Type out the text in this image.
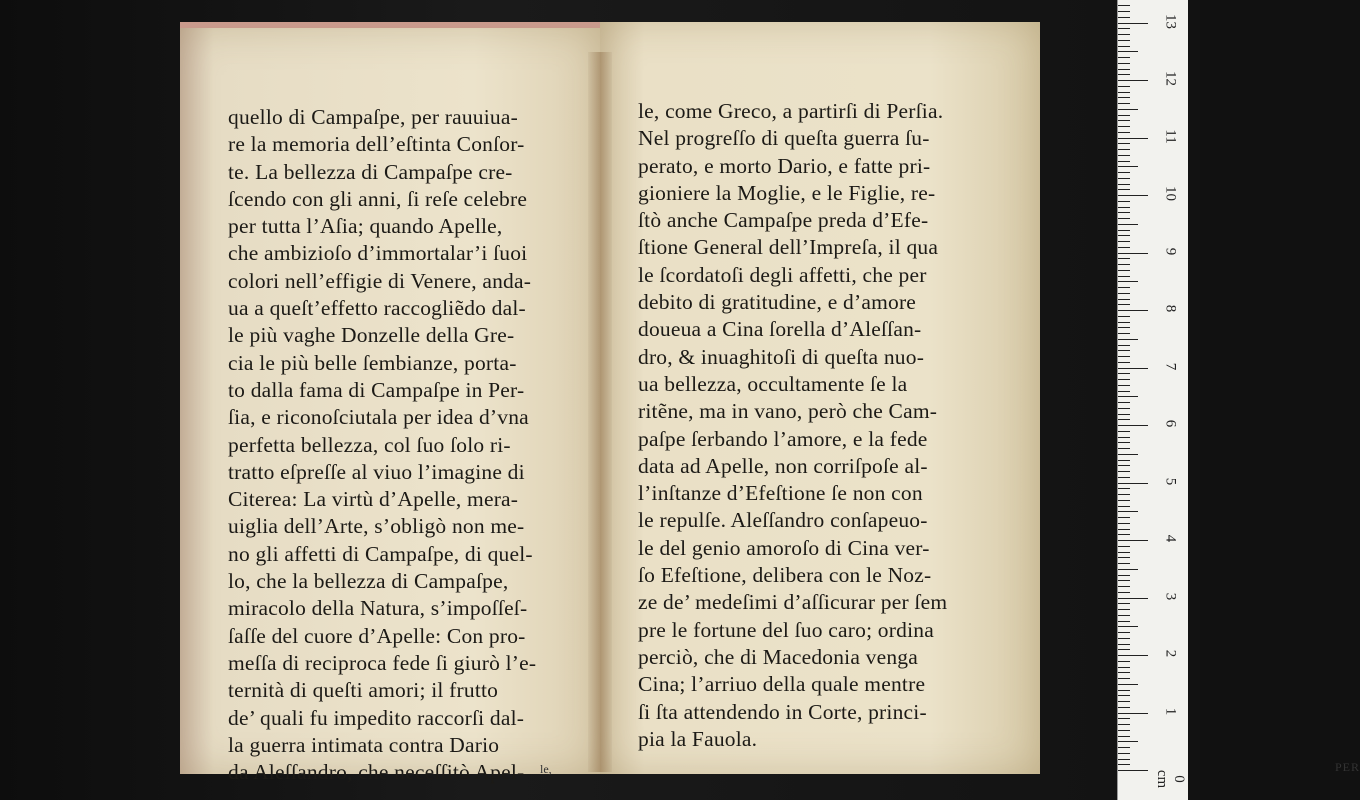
quello di Campaſpe, per rauuiua-
re la memoria dell’eſtinta Conſor-
te. La bellezza di Campaſpe cre-
ſcendo con gli anni, ſi reſe celebre
per tutta l’Aſia; quando Apelle,
che ambizioſo d’immortalar’i ſuoi
colori nell’effigie di Venere, anda-
ua a queſt’effetto raccogliẽdo dal-
le più vaghe Donzelle della Gre-
cia le più belle ſembianze, porta-
to dalla fama di Campaſpe in Per-
ſia, e riconoſciutala per idea d’vna
perfetta bellezza, col ſuo ſolo ri-
tratto eſpreſſe al viuo l’imagine di
Citerea: La virtù d’Apelle, mera-
uiglia dell’Arte, s’obligò non me-
no gli affetti di Campaſpe, di quel-
lo, che la bellezza di Campaſpe,
miracolo della Natura, s’impoſſeſ-
ſaſſe del cuore d’Apelle: Con pro-
meſſa di reciproca fede ſi giurò l’e-
ternità di queſti amori; il frutto
de’ quali fu impedito raccorſi dal-
la guerra intimata contra Dario
da Aleſſandro, che neceſſitò Apel-	le,
le, come Greco, a partirſi di Perſia.
Nel progreſſo di queſta guerra ſu-
perato, e morto Dario, e fatte pri-
gioniere la Moglie, e le Figlie, re-
ſtò anche Campaſpe preda d’Efe-
ſtione General dell’Impreſa, il qua
le ſcordatoſi degli affetti, che per
debito di gratitudine, e d’amore
doueua a Cina ſorella d’Aleſſan-
dro, & inuaghitoſi di queſta nuo-
ua bellezza, occultamente ſe la
ritẽne, ma in vano, però che Cam-
paſpe ſerbando l’amore, e la fede
data ad Apelle, non corriſpoſe al-
l’inſtanze d’Efeſtione ſe non con
le repulſe. Aleſſandro conſapeuo-
le del genio amoroſo di Cina ver-
ſo Efeſtione, delibera con le Noz-
ze de’ medeſimi d’aſſicurar per ſem
pre le fortune del ſuo caro; ordina
perciò, che di Macedonia venga
Cina; l’arriuo della quale mentre
ſi ſta attendendo in Corte, princi-
pia la Fauola.
PER
0 cm
1
2
3
4
5
6
7
8
9
10
11
12
13
